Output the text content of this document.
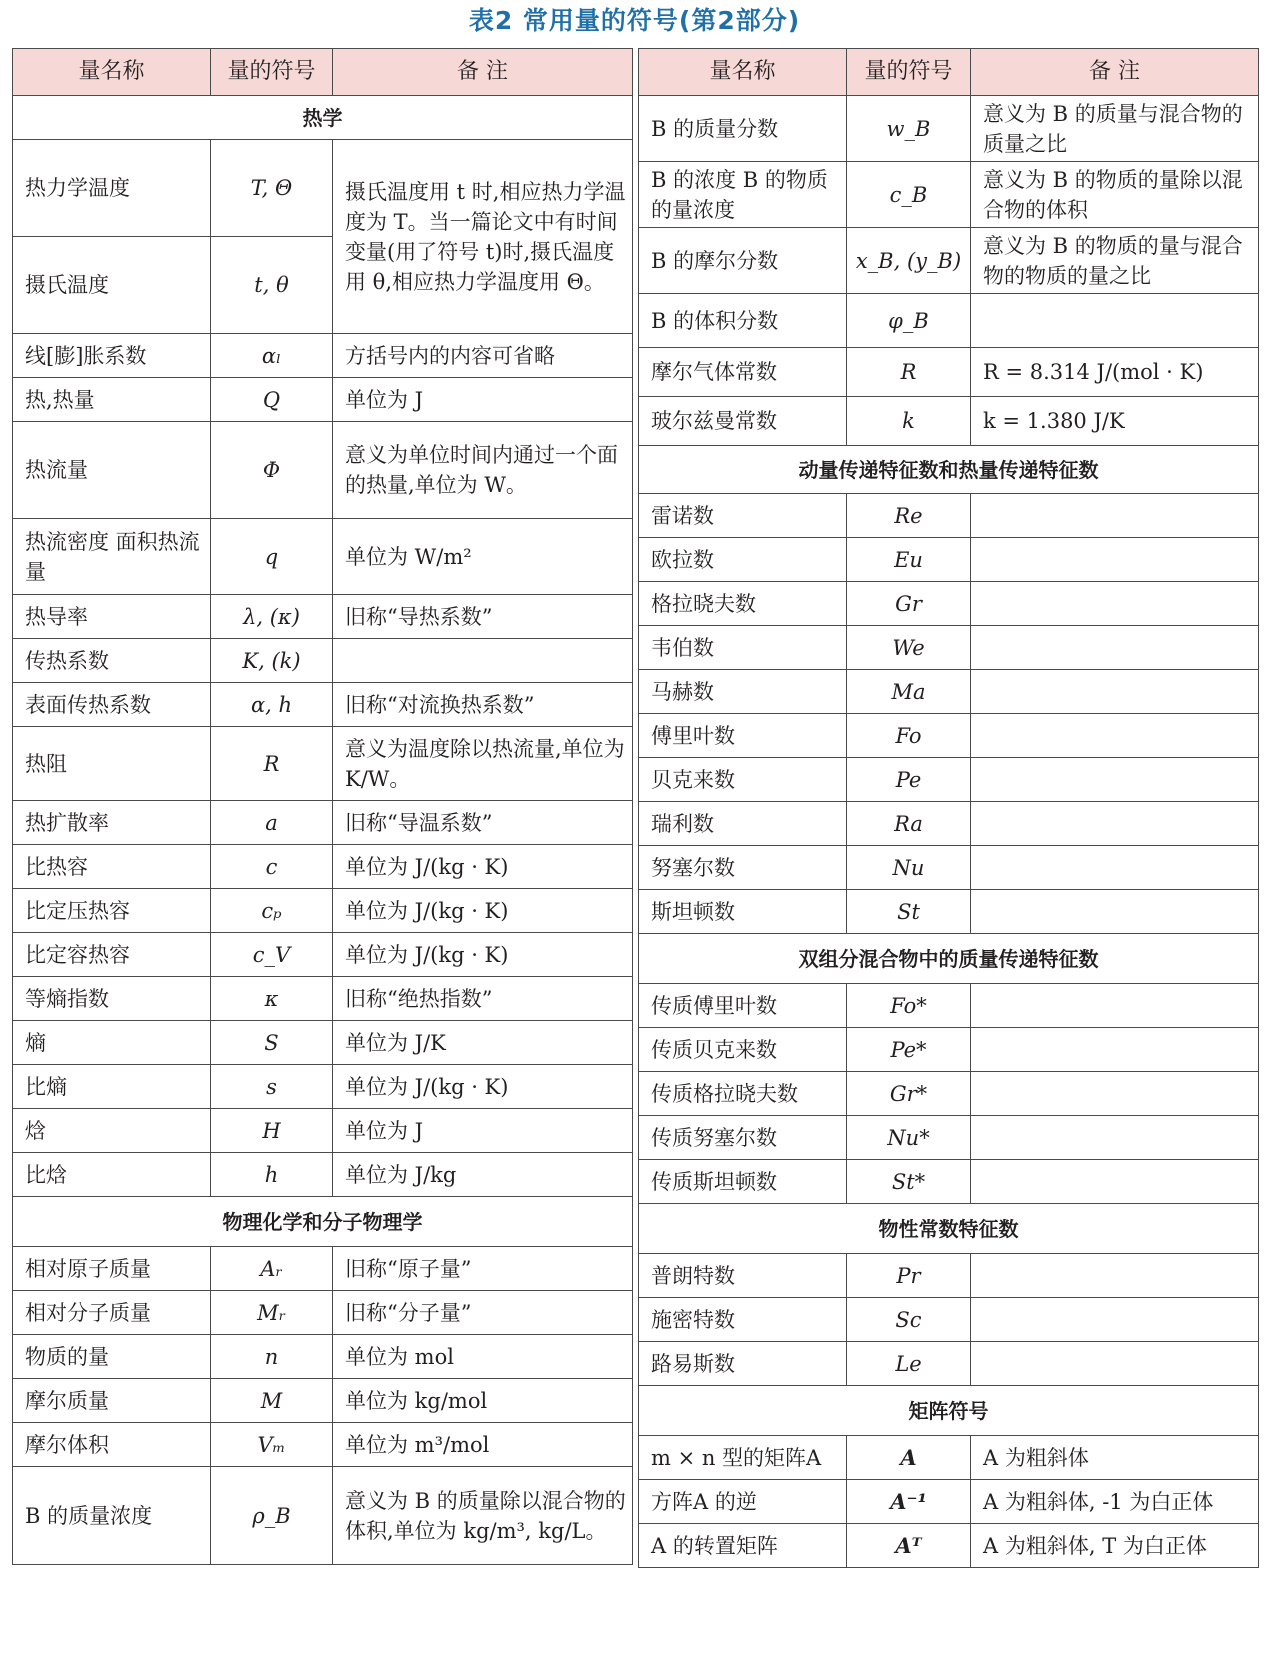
表2 常用量的符号(第2部分)
量名称	量的符号	备 注
热学		
热力学温度	T, Θ	摄氏温度用 t 时,相应热力学温度为 T。当一篇论文中有时间变量(用了符号 t)时,摄氏温度用 θ,相应热力学温度用 Θ。
摄氏温度	t, θ	
线[膨]胀系数	αₗ	方括号内的内容可省略
热,热量	Q	单位为 J
热流量	Φ	意义为单位时间内通过一个面的热量,单位为 W。
热流密度 面积热流量	q	单位为 W/m²
热导率	λ, (κ)	旧称“导热系数”
传热系数	K, (k)	
表面传热系数	α, h	旧称“对流换热系数”
热阻	R	意义为温度除以热流量,单位为 K/W。
热扩散率	a	旧称“导温系数”
比热容	c	单位为 J/(kg · K)
比定压热容	cₚ	单位为 J/(kg · K)
比定容热容	c_V	单位为 J/(kg · K)
等熵指数	κ	旧称“绝热指数”
熵	S	单位为 J/K
比熵	s	单位为 J/(kg · K)
焓	H	单位为 J
比焓	h	单位为 J/kg
物理化学和分子物理学		
相对原子质量	Aᵣ	旧称“原子量”
相对分子质量	Mᵣ	旧称“分子量”
物质的量	n	单位为 mol
摩尔质量	M	单位为 kg/mol
摩尔体积	Vₘ	单位为 m³/mol
B 的质量浓度	ρ_B	意义为 B 的质量除以混合物的体积,单位为 kg/m³, kg/L。
量名称	量的符号	备 注
B 的质量分数	w_B	意义为 B 的质量与混合物的质量之比
B 的浓度 B 的物质的量浓度	c_B	意义为 B 的物质的量除以混合物的体积
B 的摩尔分数	x_B, (y_B)	意义为 B 的物质的量与混合物的物质的量之比
B 的体积分数	φ_B	
摩尔气体常数	R	R = 8.314 J/(mol · K)
玻尔兹曼常数	k	k = 1.380 J/K
动量传递特征数和热量传递特征数		
雷诺数	Re	
欧拉数	Eu	
格拉晓夫数	Gr	
韦伯数	We	
马赫数	Ma	
傅里叶数	Fo	
贝克来数	Pe	
瑞利数	Ra	
努塞尔数	Nu	
斯坦顿数	St	
双组分混合物中的质量传递特征数		
传质傅里叶数	Fo*	
传质贝克来数	Pe*	
传质格拉晓夫数	Gr*	
传质努塞尔数	Nu*	
传质斯坦顿数	St*	
物性常数特征数		
普朗特数	Pr	
施密特数	Sc	
路易斯数	Le	
矩阵符号		
m × n 型的矩阵A	A	A 为粗斜体
方阵A 的逆	A⁻¹	A 为粗斜体, -1 为白正体
A 的转置矩阵	Aᵀ	A 为粗斜体, T 为白正体
